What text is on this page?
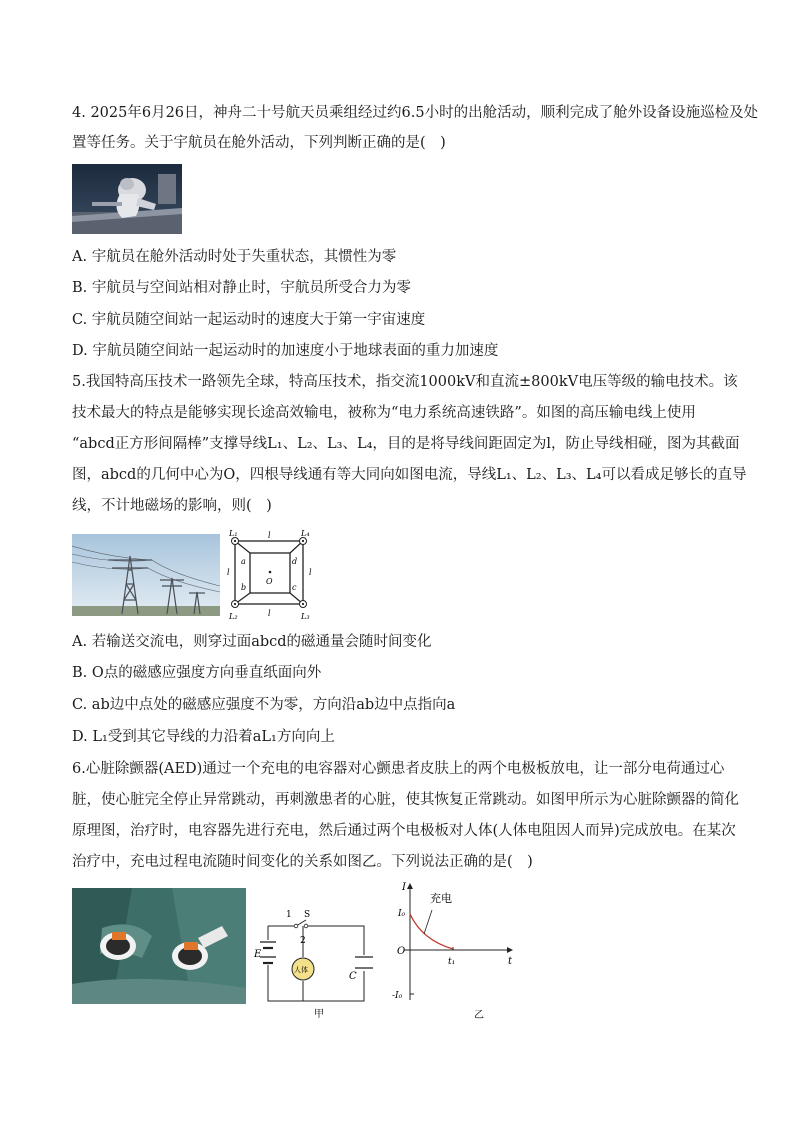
4. 2025年6月26日，神舟二十号航天员乘组经过约6.5小时的出舱活动，顺利完成了舱外设备设施巡检及处
置等任务。关于宇航员在舱外活动，下列判断正确的是(　)
A. 宇航员在舱外活动时处于失重状态，其惯性为零
B. 宇航员与空间站相对静止时，宇航员所受合力为零
C. 宇航员随空间站一起运动时的速度大于第一宇宙速度
D. 宇航员随空间站一起运动时的加速度小于地球表面的重力加速度
5.我国特高压技术一路领先全球，特高压技术，指交流1000kV和直流±800kV电压等级的输电技术。该
技术最大的特点是能够实现长途高效输电，被称为“电力系统高速铁路”。如图的高压输电线上使用
“abcd正方形间隔棒”支撑导线L₁、L₂、L₃、L₄，目的是将导线间距固定为l，防止导线相碰，图为其截面
图，abcd的几何中心为O，四根导线通有等大同向如图电流，导线L₁、L₂、L₃、L₄可以看成足够长的直导
线，不计地磁场的影响，则(　)
L₁	L₄
L₂	L₃
a
b
d
c
O
l
l
l	l
A. 若输送交流电，则穿过面abcd的磁通量会随时间变化
B. O点的磁感应强度方向垂直纸面向外
C. ab边中点处的磁感应强度不为零，方向沿ab边中点指向a
D. L₁受到其它导线的力沿着aL₁方向向上
6.心脏除颤器(AED)通过一个充电的电容器对心颤患者皮肤上的两个电极板放电，让一部分电荷通过心
脏，使心脏完全停止异常跳动，再刺激患者的心脏，使其恢复正常跳动。如图甲所示为心脏除颤器的简化
原理图，治疗时，电容器先进行充电，然后通过两个电极板对人体(人体电阻因人而异)完成放电。在某次
治疗中，充电过程电流随时间变化的关系如图乙。下列说法正确的是(　)
1 S
2
E
C
人体
甲
I
I₀
O
-I₀
t
t₁
充电
乙
